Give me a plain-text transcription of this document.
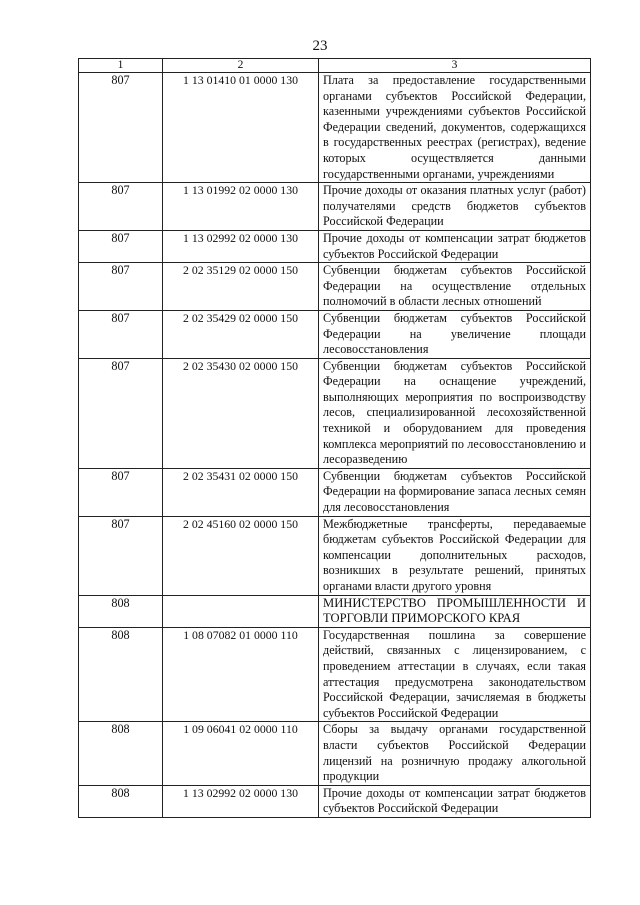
23
1	2	3
807	1 13 01410 01 0000 130	Плата за предоставление государственными органами субъектов Российской Федерации, казенными учреждениями субъектов Российской Федерации сведений, документов, содержащихся в государственных реестрах (регистрах), ведение которых осуществляется данными государственными органами, учреждениями
807	1 13 01992 02 0000 130	Прочие доходы от оказания платных услуг (работ) получателями средств бюджетов субъектов Российской Федерации
807	1 13 02992 02 0000 130	Прочие доходы от компенсации затрат бюджетов субъектов Российской Федерации
807	2 02 35129 02 0000 150	Субвенции бюджетам субъектов Российской Федерации на осуществление отдельных полномочий в области лесных отношений
807	2 02 35429 02 0000 150	Субвенции бюджетам субъектов Российской Федерации на увеличение площади лесовосстановления
807	2 02 35430 02 0000 150	Субвенции бюджетам субъектов Российской Федерации на оснащение учреждений, выполняющих мероприятия по воспроизводству лесов, специализированной лесохозяйственной техникой и оборудованием для проведения комплекса мероприятий по лесовосстановлению и лесоразведению
807	2 02 35431 02 0000 150	Субвенции бюджетам субъектов Российской Федерации на формирование запаса лесных семян для лесовосстановления
807	2 02 45160 02 0000 150	Межбюджетные трансферты, передаваемые бюджетам субъектов Российской Федерации для компенсации дополнительных расходов, возникших в результате решений, принятых органами власти другого уровня
808		МИНИСТЕРСТВО ПРОМЫШЛЕННОСТИ И ТОРГОВЛИ ПРИМОРСКОГО КРАЯ
808	1 08 07082 01 0000 110	Государственная пошлина за совершение действий, связанных с лицензированием, с проведением аттестации в случаях, если такая аттестация предусмотрена законодательством Российской Федерации, зачисляемая в бюджеты субъектов Российской Федерации
808	1 09 06041 02 0000 110	Сборы за выдачу органами государственной власти субъектов Российской Федерации лицензий на розничную продажу алкогольной продукции
808	1 13 02992 02 0000 130	Прочие доходы от компенсации затрат бюджетов субъектов Российской Федерации
